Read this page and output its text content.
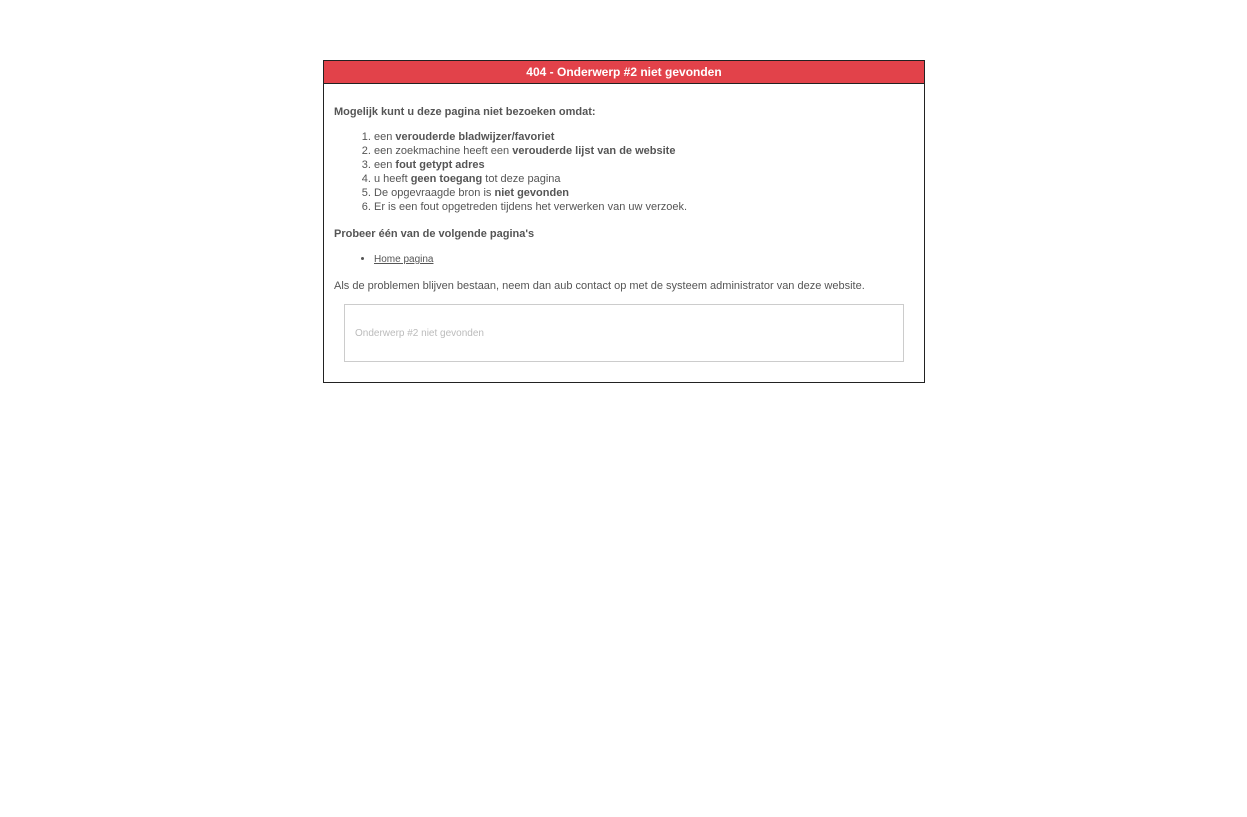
404 - Onderwerp #2 niet gevonden
Mogelijk kunt u deze pagina niet bezoeken omdat:
1. een verouderde bladwijzer/favoriet
2. een zoekmachine heeft een verouderde lijst van de website
3. een fout getypt adres
4. u heeft geen toegang tot deze pagina
5. De opgevraagde bron is niet gevonden
6. Er is een fout opgetreden tijdens het verwerken van uw verzoek.
Probeer één van de volgende pagina's
• Home pagina
Als de problemen blijven bestaan, neem dan aub contact op met de systeem administrator van deze website.
Onderwerp #2 niet gevonden
